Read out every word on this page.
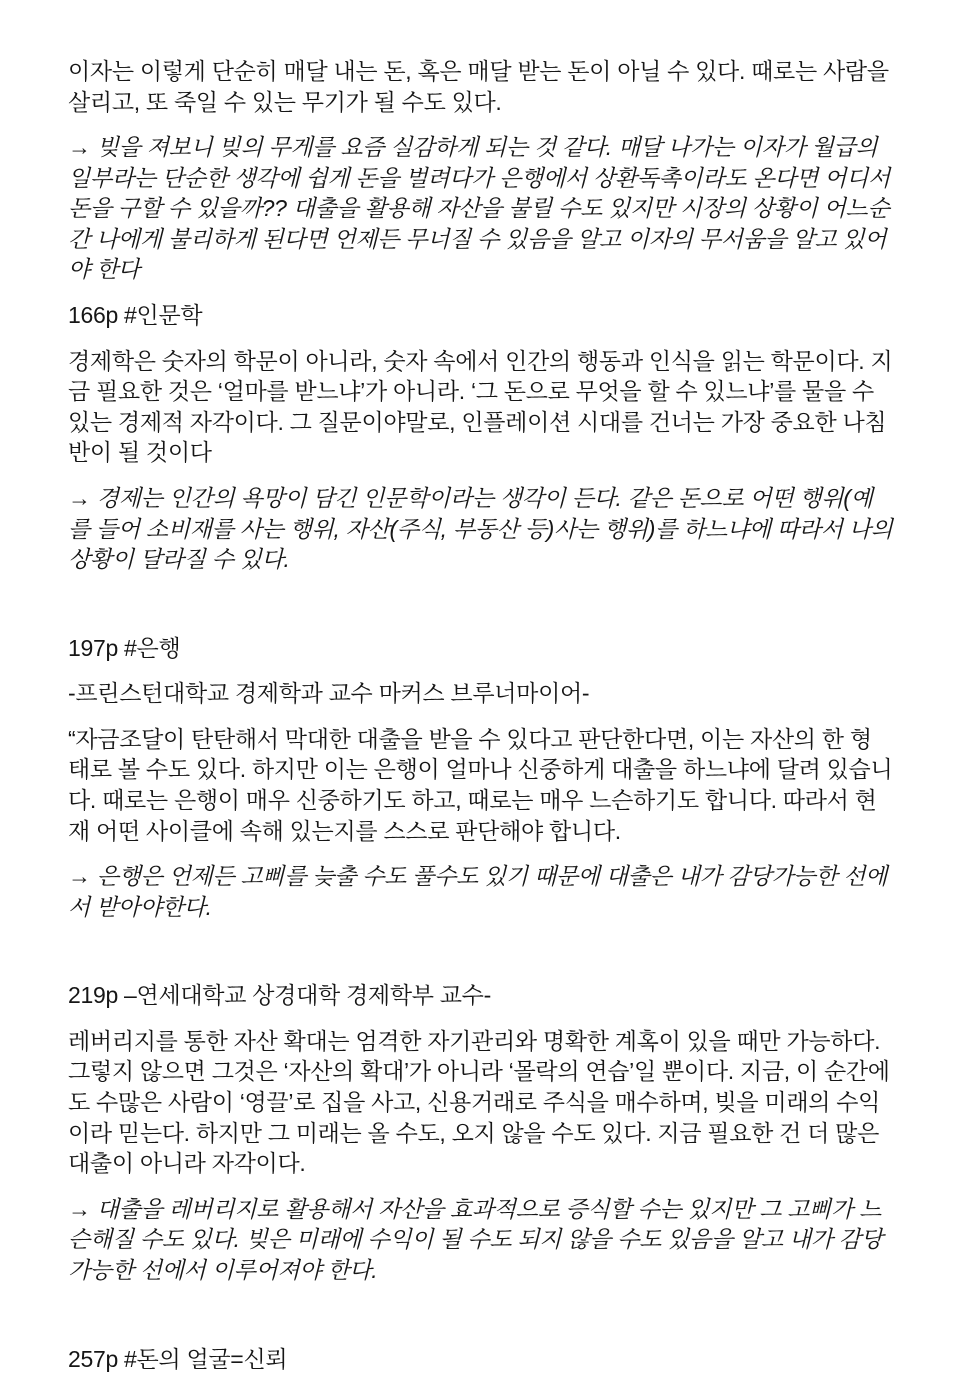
이자는 이렇게 단순히 매달 내는 돈, 혹은 매달 받는 돈이 아닐 수 있다. 때로는 사람을 살리고, 또 죽일 수 있는 무기가 될 수도 있다.

→ 빚을 져보니 빚의 무게를 요즘 실감하게 되는 것 같다. 매달 나가는 이자가 월급의 일부라는 단순한 생각에 쉽게 돈을 벌려다가 은행에서 상환독촉이라도 온다면 어디서 돈을 구할 수 있을까?? 대출을 활용해 자산을 불릴 수도 있지만 시장의 상황이 어느순간 나에게 불리하게 된다면 언제든 무너질 수 있음을 알고 이자의 무서움을 알고 있어야 한다

166p #인문학

경제학은 숫자의 학문이 아니라, 숫자 속에서 인간의 행동과 인식을 읽는 학문이다. 지금 필요한 것은 ‘얼마를 받느냐’가 아니라. ‘그 돈으로 무엇을 할 수 있느냐’를 물을 수 있는 경제적 자각이다. 그 질문이야말로, 인플레이션 시대를 건너는 가장 중요한 나침반이 될 것이다

→ 경제는 인간의 욕망이 담긴 인문학이라는 생각이 든다. 같은 돈으로 어떤 행위(예를 들어 소비재를 사는 행위, 자산(주식, 부동산 등)사는 행위)를 하느냐에 따라서 나의 상황이 달라질 수 있다.

197p #은행

-프린스턴대학교 경제학과 교수 마커스 브루너마이어-

“자금조달이 탄탄해서 막대한 대출을 받을 수 있다고 판단한다면, 이는 자산의 한 형태로 볼 수도 있다. 하지만 이는 은행이 얼마나 신중하게 대출을 하느냐에 달려 있습니다. 때로는 은행이 매우 신중하기도 하고, 때로는 매우 느슨하기도 합니다. 따라서 현재 어떤 사이클에 속해 있는지를 스스로 판단해야 합니다.

→ 은행은 언제든 고삐를 늦출 수도 풀수도 있기 때문에 대출은 내가 감당가능한 선에서 받아야한다.

219p –연세대학교 상경대학 경제학부 교수-

레버리지를 통한 자산 확대는 엄격한 자기관리와 명확한 계혹이 있을 때만 가능하다. 그렇지 않으면 그것은 ‘자산의 확대’가 아니라 ‘몰락의 연습’일 뿐이다. 지금, 이 순간에도 수많은 사람이 ‘영끌’로 집을 사고, 신용거래로 주식을 매수하며, 빚을 미래의 수익이라 믿는다. 하지만 그 미래는 올 수도, 오지 않을 수도 있다. 지금 필요한 건 더 많은 대출이 아니라 자각이다.

→ 대출을 레버리지로 활용해서 자산을 효과적으로 증식할 수는 있지만 그 고삐가 느슨해질 수도 있다. 빚은 미래에 수익이 될 수도 되지 않을 수도 있음을 알고 내가 감당가능한 선에서 이루어져야 한다.

257p #돈의 얼굴=신뢰
